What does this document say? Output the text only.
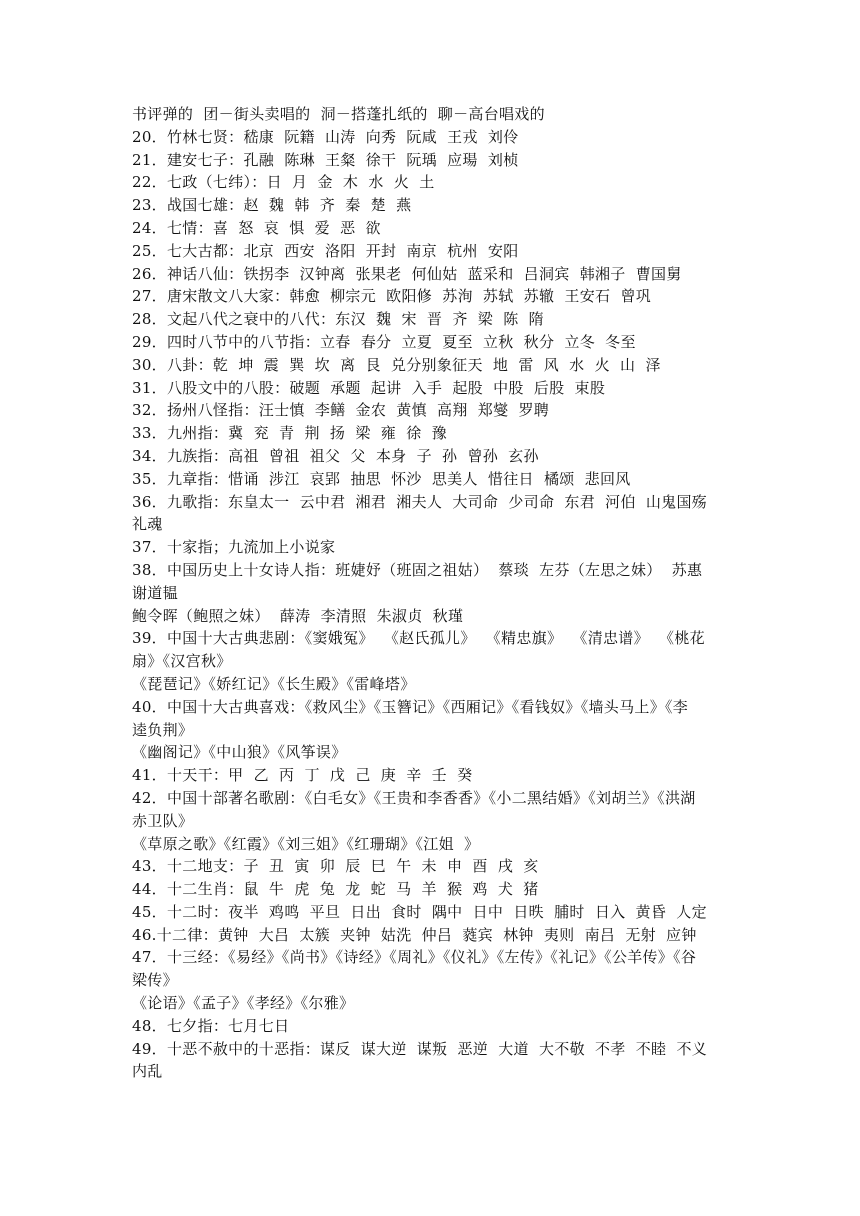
书评弹的  团－街头卖唱的  洞－搭蓬扎纸的  聊－高台唱戏的
20．竹林七贤：嵇康  阮籍  山涛  向秀  阮咸  王戎  刘伶
21．建安七子：孔融  陈琳  王粲  徐干  阮瑀  应瑒  刘桢
22．七政（七纬）：日  月  金  木  水  火  土
23．战国七雄：赵  魏  韩  齐  秦  楚  燕
24．七情：喜  怒  哀  惧  爱  恶  欲
25．七大古都：北京  西安  洛阳  开封  南京  杭州  安阳
26．神话八仙：铁拐李  汉钟离  张果老  何仙姑  蓝采和  吕洞宾  韩湘子  曹国舅
27．唐宋散文八大家：韩愈  柳宗元  欧阳修  苏洵  苏轼  苏辙  王安石  曾巩
28．文起八代之衰中的八代：东汉  魏  宋  晋  齐  梁  陈  隋
29．四时八节中的八节指：立春  春分  立夏  夏至  立秋  秋分  立冬  冬至
30．八卦：乾  坤  震  巽  坎  离  艮  兑分别象征天  地  雷  风  水  火  山  泽
31．八股文中的八股：破题  承题  起讲  入手  起股  中股  后股  束股
32．扬州八怪指：汪士慎  李鳝  金农  黄慎  高翔  郑燮  罗聘
33．九州指：冀  兖  青  荆  扬  梁  雍  徐  豫
34．九族指：高祖  曾祖  祖父  父  本身  子  孙  曾孙  玄孙
35．九章指：惜诵  涉江  哀郢  抽思  怀沙  思美人  惜往日  橘颂  悲回风
36．九歌指：东皇太一  云中君  湘君  湘夫人  大司命  少司命  东君  河伯  山鬼国殇
礼魂
37．十家指；九流加上小说家
38．中国历史上十女诗人指：班婕妤（班固之祖姑）  蔡琰  左芬（左思之妹）  苏惠
谢道韫
鲍令晖（鲍照之妹）  薛涛  李清照  朱淑贞  秋瑾
39．中国十大古典悲剧：《窦娥冤》  《赵氏孤儿》  《精忠旗》  《清忠谱》  《桃花
扇》《汉宫秋》
《琵琶记》《娇红记》《长生殿》《雷峰塔》
40．中国十大古典喜戏：《救风尘》《玉簪记》《西厢记》《看钱奴》《墙头马上》《李
逵负荆》
《幽阁记》《中山狼》《风筝误》
41．十天干：甲  乙  丙  丁  戊  己  庚  辛  壬  癸
42．中国十部著名歌剧：《白毛女》《王贵和李香香》《小二黑结婚》《刘胡兰》《洪湖
赤卫队》
《草原之歌》《红霞》《刘三姐》《红珊瑚》《江姐  》
43．十二地支：子  丑  寅  卯  辰  巳  午  未  申  酉  戌  亥
44．十二生肖：鼠  牛  虎  兔  龙  蛇  马  羊  猴  鸡  犬  猪
45．十二时：夜半  鸡鸣  平旦  日出  食时  隅中  日中  日昳  脯时  日入  黄昏  人定
46.十二律：黄钟  大吕  太簇  夹钟  姑洗  仲吕  蕤宾  林钟  夷则  南吕  无射  应钟
47．十三经：《易经》《尚书》《诗经》《周礼》《仪礼》《左传》《礼记》《公羊传》《谷
梁传》
《论语》《孟子》《孝经》《尔雅》
48．七夕指：七月七日
49．十恶不赦中的十恶指：谋反  谋大逆  谋叛  恶逆  大道  大不敬  不孝  不睦  不义
内乱
